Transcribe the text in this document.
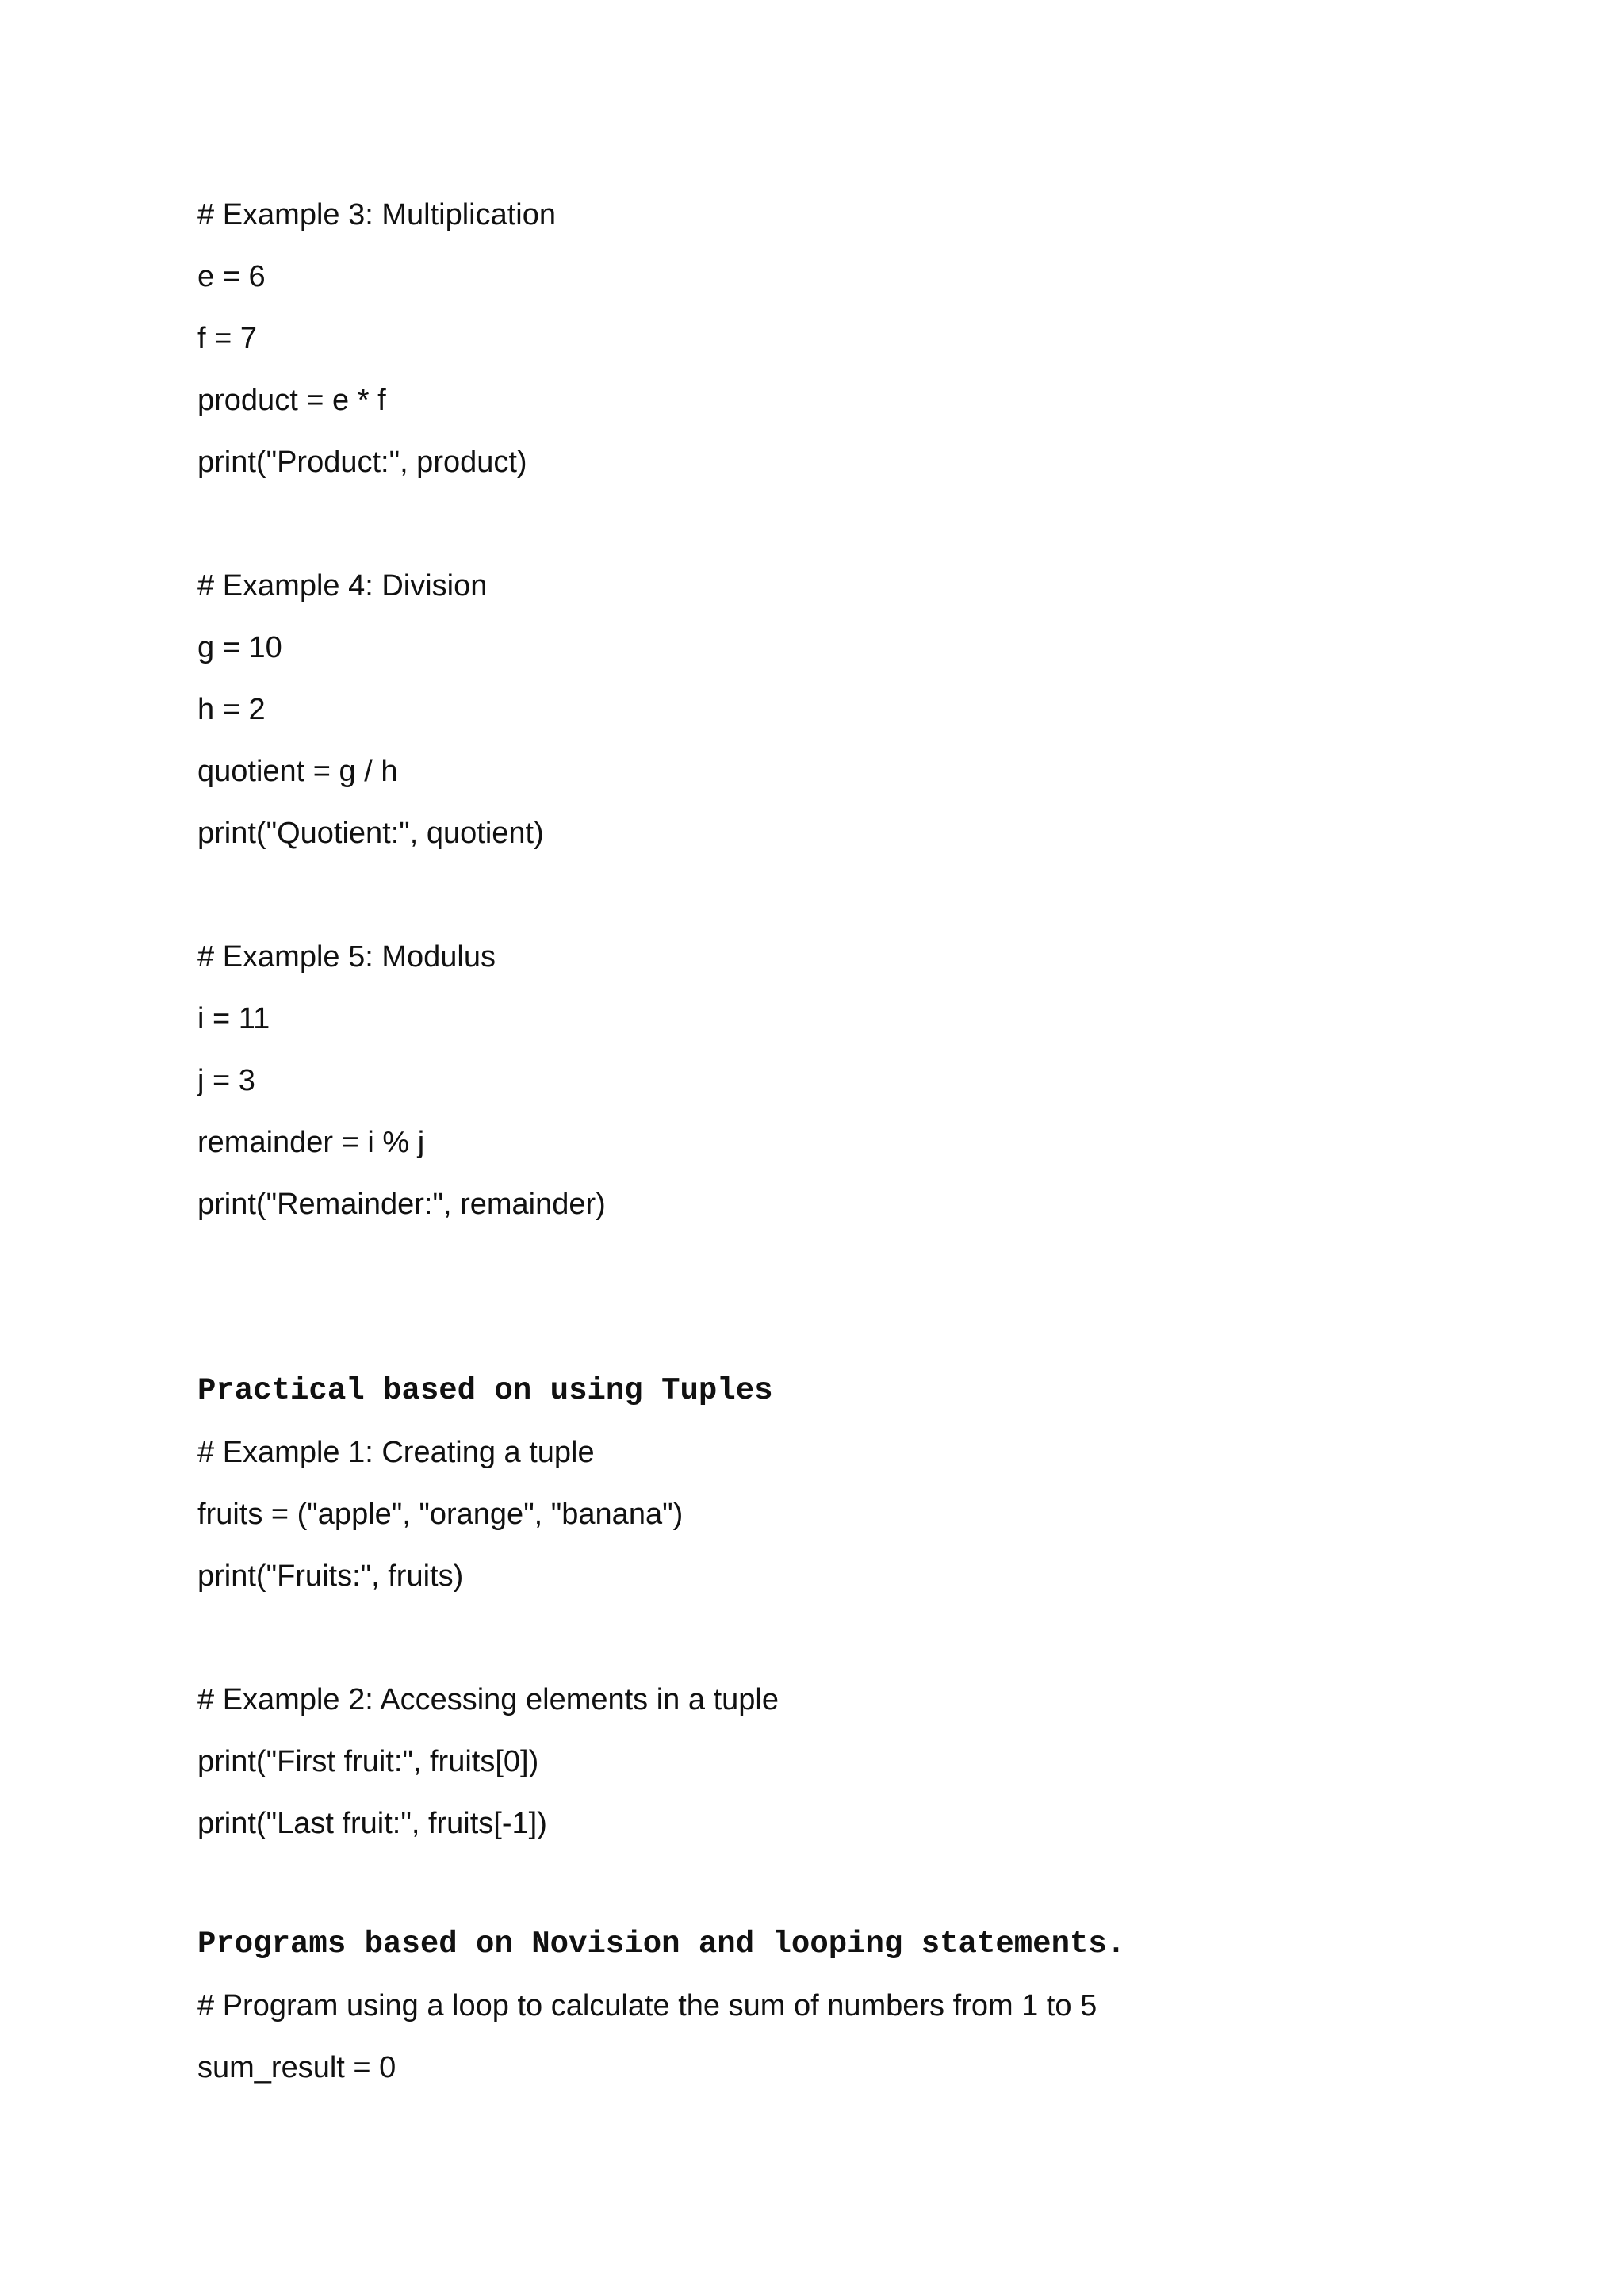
# Example 3: Multiplication
e = 6
f = 7
product = e * f
print("Product:", product)
# Example 4: Division
g = 10
h = 2
quotient = g / h
print("Quotient:", quotient)
# Example 5: Modulus
i = 11
j = 3
remainder = i % j
print("Remainder:", remainder)
Practical based on using Tuples
# Example 1: Creating a tuple
fruits = ("apple", "orange", "banana")
print("Fruits:", fruits)
# Example 2: Accessing elements in a tuple
print("First fruit:", fruits[0])
print("Last fruit:", fruits[-1])
Programs based on Novision and looping statements.
# Program using a loop to calculate the sum of numbers from 1 to 5
sum_result = 0
